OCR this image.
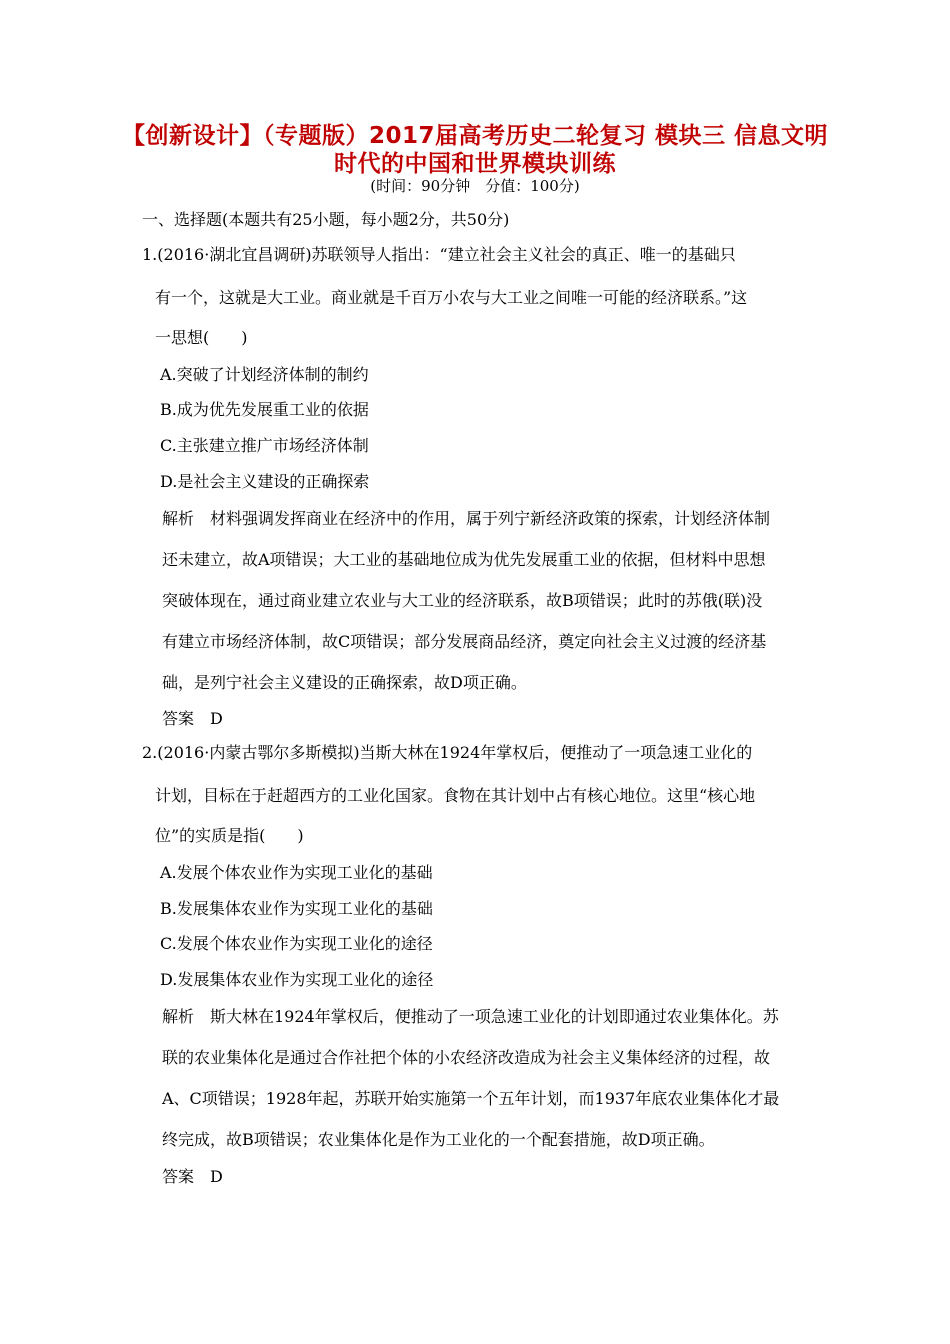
【创新设计】（专题版）2017届高考历史二轮复习 模块三 信息文明时代的中国和世界模块训练
(时间：90分钟　分值：100分)
一、选择题(本题共有25小题，每小题2分，共50分)
1.(2016·湖北宜昌调研)苏联领导人指出：“建立社会主义社会的真正、唯一的基础只
有一个，这就是大工业。商业就是千百万小农与大工业之间唯一可能的经济联系。”这
一思想(　　)
A.突破了计划经济体制的制约
B.成为优先发展重工业的依据
C.主张建立推广市场经济体制
D.是社会主义建设的正确探索
解析　材料强调发挥商业在经济中的作用，属于列宁新经济政策的探索，计划经济体制
还未建立，故A项错误；大工业的基础地位成为优先发展重工业的依据，但材料中思想
突破体现在，通过商业建立农业与大工业的经济联系，故B项错误；此时的苏俄(联)没
有建立市场经济体制，故C项错误；部分发展商品经济，奠定向社会主义过渡的经济基
础，是列宁社会主义建设的正确探索，故D项正确。
答案　D
2.(2016·内蒙古鄂尔多斯模拟)当斯大林在1924年掌权后，便推动了一项急速工业化的
计划，目标在于赶超西方的工业化国家。食物在其计划中占有核心地位。这里“核心地
位”的实质是指(　　)
A.发展个体农业作为实现工业化的基础
B.发展集体农业作为实现工业化的基础
C.发展个体农业作为实现工业化的途径
D.发展集体农业作为实现工业化的途径
解析　斯大林在1924年掌权后，便推动了一项急速工业化的计划即通过农业集体化。苏
联的农业集体化是通过合作社把个体的小农经济改造成为社会主义集体经济的过程，故
A、C项错误；1928年起，苏联开始实施第一个五年计划，而1937年底农业集体化才最
终完成，故B项错误；农业集体化是作为工业化的一个配套措施，故D项正确。
答案　D
